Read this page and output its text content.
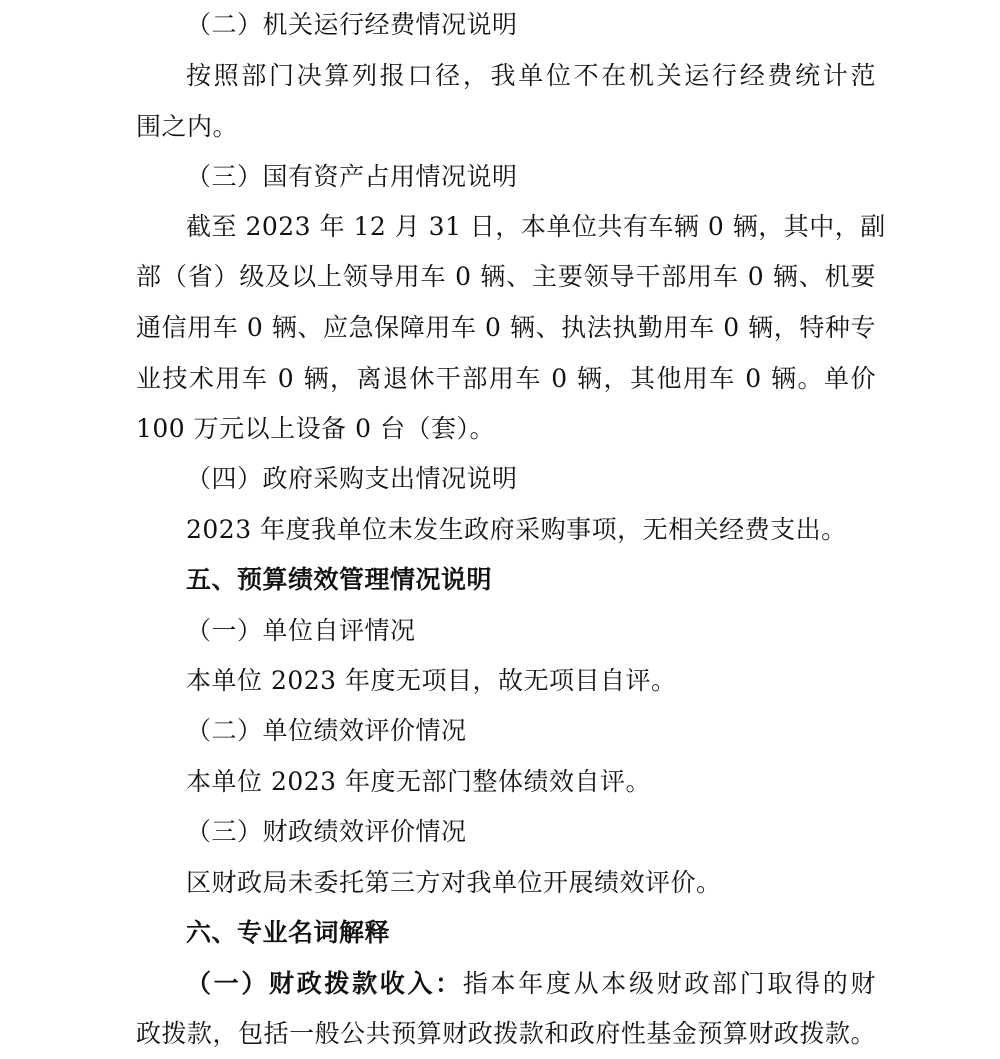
（二）机关运行经费情况说明
按照部门决算列报口径，我单位不在机关运行经费统计范
围之内。
（三）国有资产占用情况说明
截至 2023 年 12 月 31 日，本单位共有车辆 0 辆，其中，副
部（省）级及以上领导用车 0 辆、主要领导干部用车 0 辆、机要
通信用车 0 辆、应急保障用车 0 辆、执法执勤用车 0 辆，特种专
业技术用车 0 辆，离退休干部用车 0 辆，其他用车 0 辆。单价
100 万元以上设备 0 台（套）。
（四）政府采购支出情况说明
2023 年度我单位未发生政府采购事项，无相关经费支出。
五、预算绩效管理情况说明
（一）单位自评情况
本单位 2023 年度无项目，故无项目自评。
（二）单位绩效评价情况
本单位 2023 年度无部门整体绩效自评。
（三）财政绩效评价情况
区财政局未委托第三方对我单位开展绩效评价。
六、专业名词解释
（一）财政拨款收入：指本年度从本级财政部门取得的财
政拨款，包括一般公共预算财政拨款和政府性基金预算财政拨款。
